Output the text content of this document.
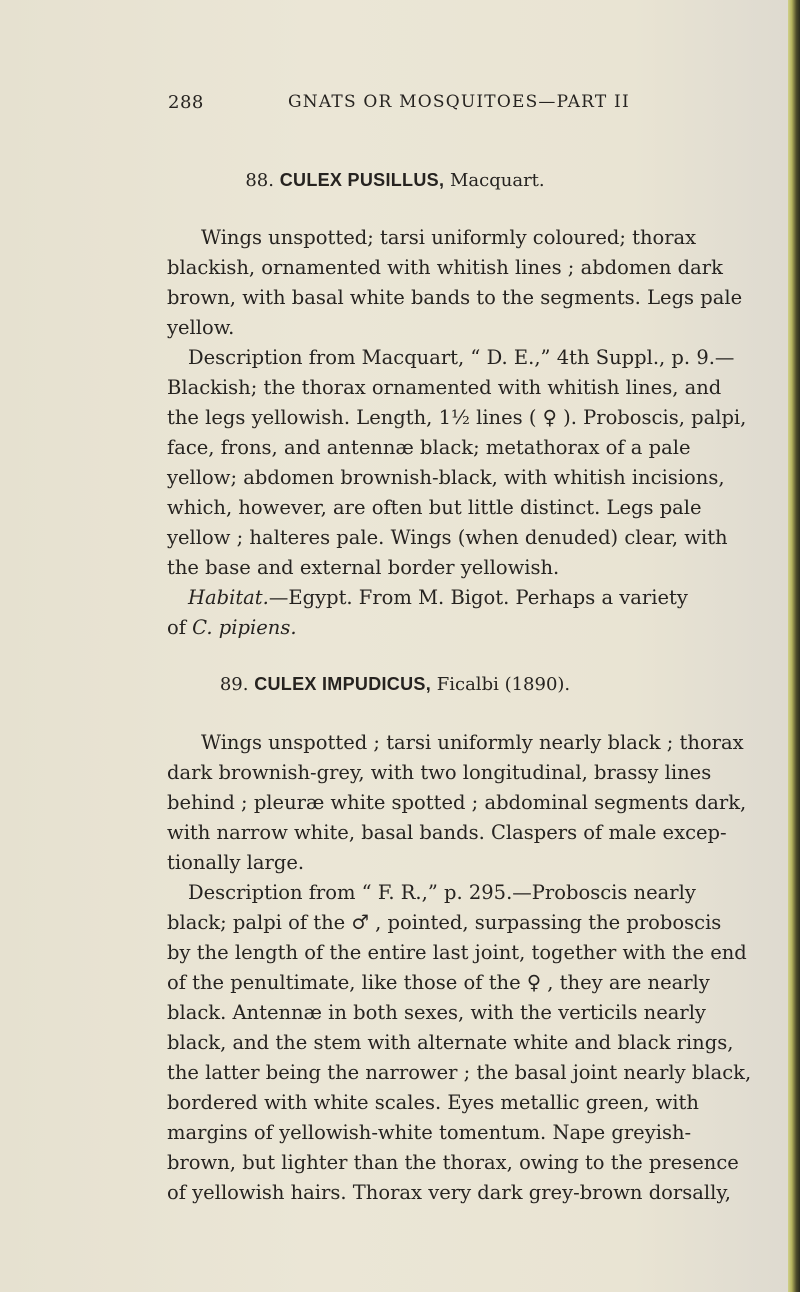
288	GNATS OR MOSQUITOES—PART II
88. CULEX PUSILLUS, Macquart.
Wings unspotted; tarsi uniformly coloured; thorax
blackish, ornamented with whitish lines ; abdomen dark
brown, with basal white bands to the segments. Legs pale
yellow.
Description from Macquart, “ D. E.,” 4th Suppl., p. 9.—
Blackish; the thorax ornamented with whitish lines, and
the legs yellowish. Length, 1½ lines ( ♀ ). Proboscis, palpi,
face, frons, and antennæ black; metathorax of a pale
yellow; abdomen brownish-black, with whitish incisions,
which, however, are often but little distinct. Legs pale
yellow ; halteres pale. Wings (when denuded) clear, with
the base and external border yellowish.
Habitat.—Egypt. From M. Bigot. Perhaps a variety
of C. pipiens.
89. CULEX IMPUDICUS, Ficalbi (1890).
Wings unspotted ; tarsi uniformly nearly black ; thorax
dark brownish-grey, with two longitudinal, brassy lines
behind ; pleuræ white spotted ; abdominal segments dark,
with narrow white, basal bands. Claspers of male excep-
tionally large.
Description from “ F. R.,” p. 295.—Proboscis nearly
black; palpi of the ♂ , pointed, surpassing the proboscis
by the length of the entire last joint, together with the end
of the penultimate, like those of the ♀ , they are nearly
black. Antennæ in both sexes, with the verticils nearly
black, and the stem with alternate white and black rings,
the latter being the narrower ; the basal joint nearly black,
bordered with white scales. Eyes metallic green, with
margins of yellowish-white tomentum. Nape greyish-
brown, but lighter than the thorax, owing to the presence
of yellowish hairs. Thorax very dark grey-brown dorsally,
